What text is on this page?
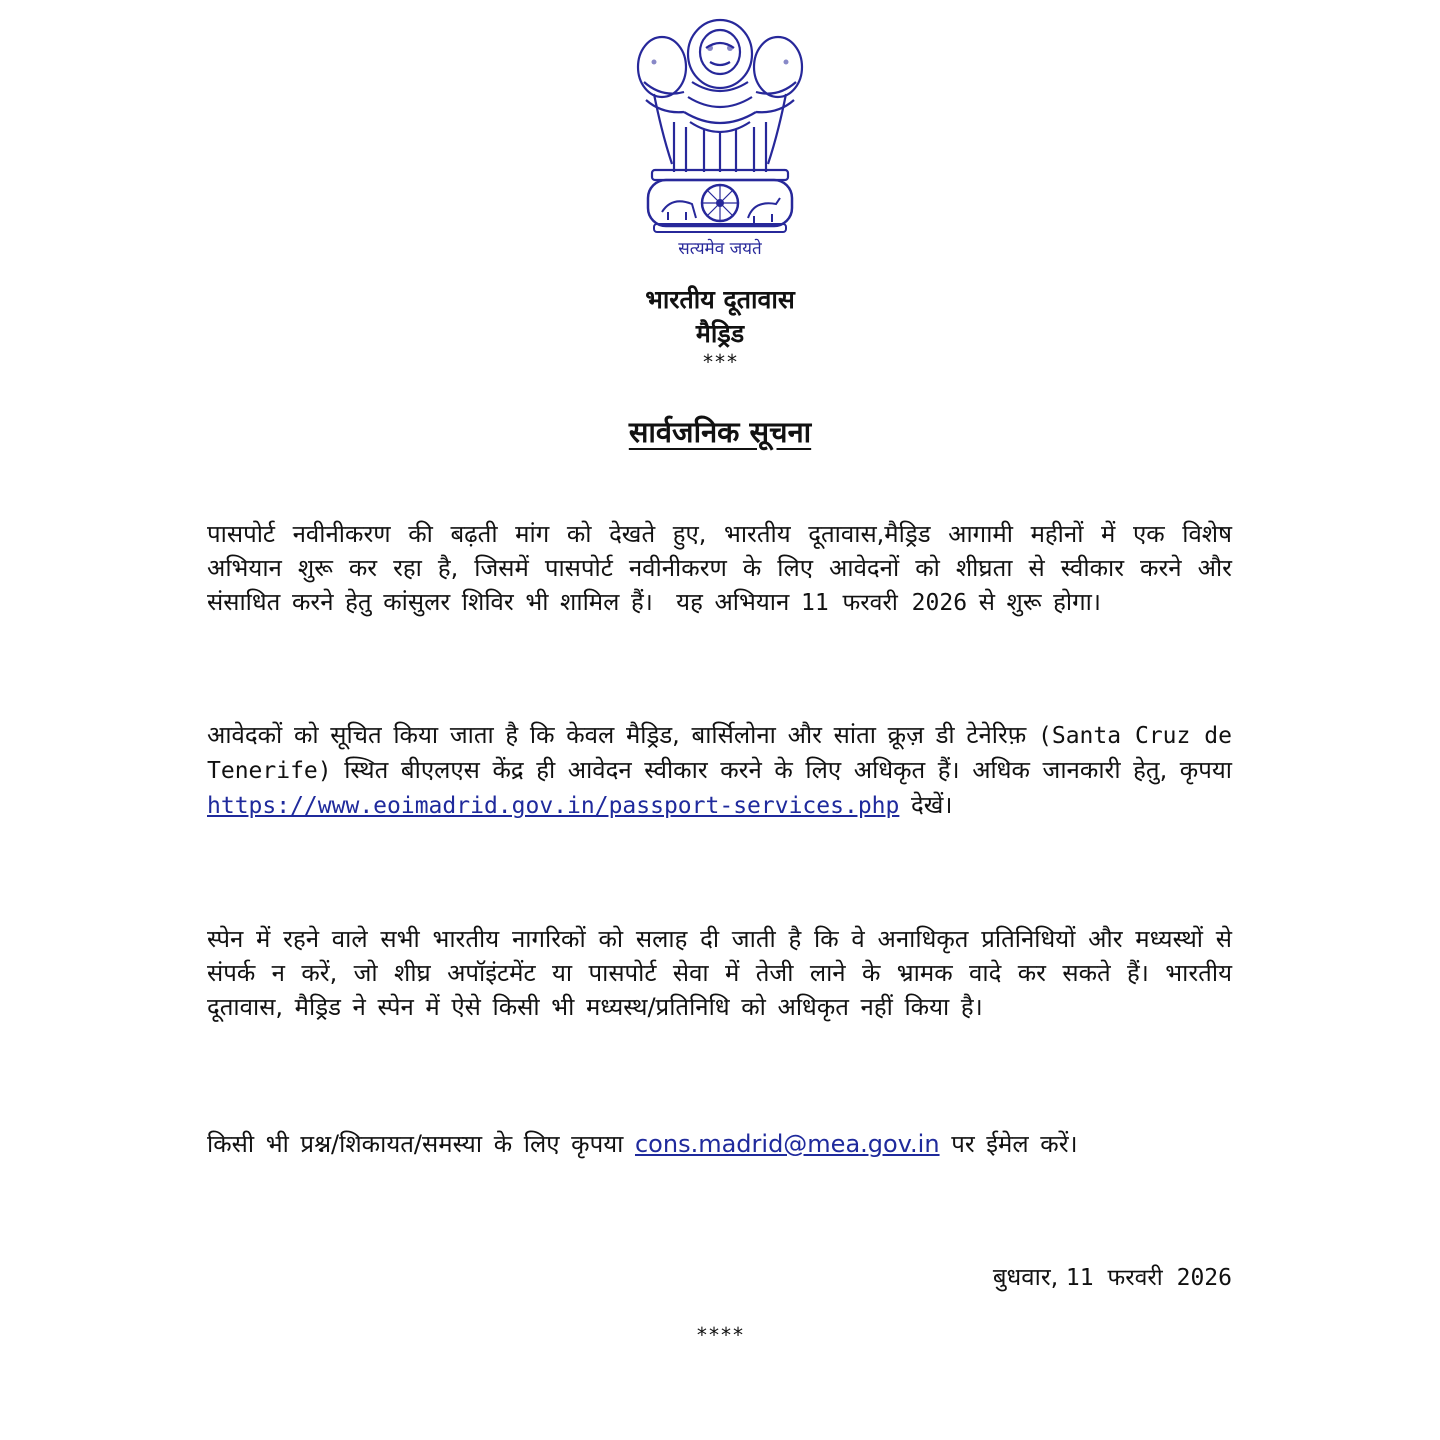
सत्यमेव जयते
भारतीय दूतावास
मैड्रिड
***
सार्वजनिक सूचना
पासपोर्ट नवीनीकरण की बढ़ती मांग को देखते हुए, भारतीय दूतावास,मैड्रिड आगामी महीनों में एक विशेष अभियान शुरू कर रहा है, जिसमें पासपोर्ट नवीनीकरण के लिए आवेदनों को शीघ्रता से स्वीकार करने और संसाधित करने हेतु कांसुलर शिविर भी शामिल हैं। यह अभियान 11 फरवरी 2026 से शुरू होगा।
आवेदकों को सूचित किया जाता है कि केवल मैड्रिड, बार्सिलोना और सांता क्रूज़ डी टेनेरिफ़ (Santa Cruz de Tenerife) स्थित बीएलएस केंद्र ही आवेदन स्वीकार करने के लिए अधिकृत हैं। अधिक जानकारी हेतु, कृपया https://www.eoimadrid.gov.in/passport-services.php देखें।
स्पेन में रहने वाले सभी भारतीय नागरिकों को सलाह दी जाती है कि वे अनाधिकृत प्रतिनिधियों और मध्यस्थों से संपर्क न करें, जो शीघ्र अपॉइंटमेंट या पासपोर्ट सेवा में तेजी लाने के भ्रामक वादे कर सकते हैं। भारतीय दूतावास, मैड्रिड ने स्पेन में ऐसे किसी भी मध्यस्थ/प्रतिनिधि को अधिकृत नहीं किया है।
किसी भी प्रश्न/शिकायत/समस्या के लिए कृपया cons.madrid@mea.gov.in पर ईमेल करें।
बुधवार, 11 फरवरी 2026
****
